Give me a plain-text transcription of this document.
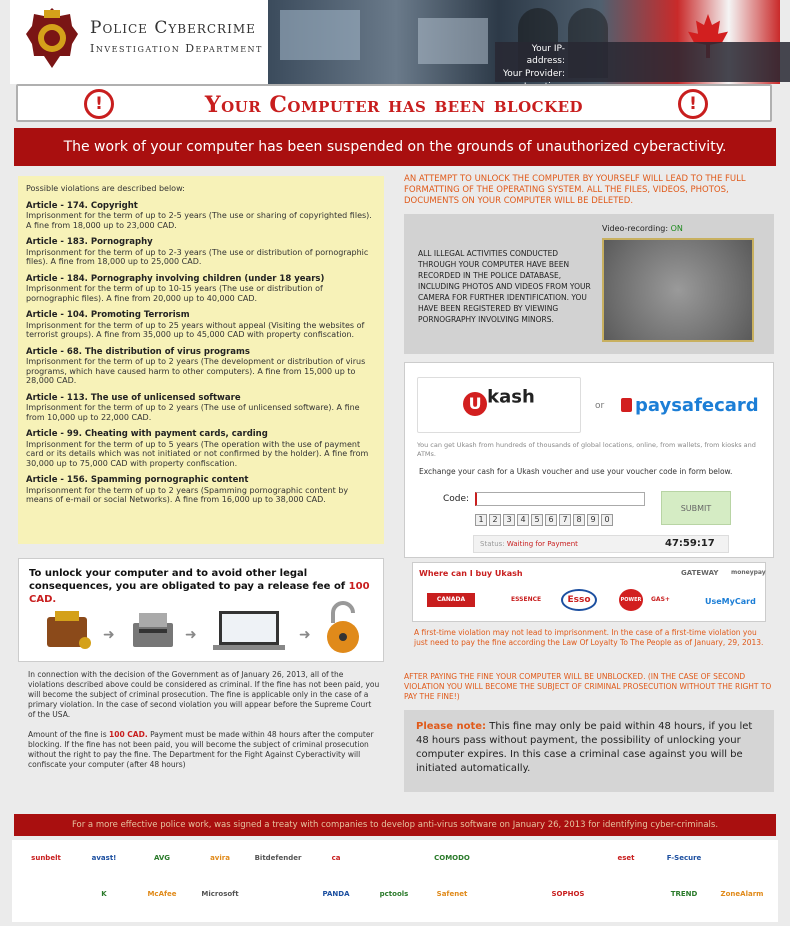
Police Cybercrime
Investigation Department	Your IP-address:
Your Provider:
!	Your Computer has been blocked	!
The work of your computer has been suspended on the grounds of unauthorized cyberactivity.
Possible violations are described below:
Article - 174. Copyright
Imprisonment for the term of up to 2-5 years (The use or sharing of copyrighted files). A fine from 18,000 up to 23,000 CAD.
Article - 183. Pornography
Imprisonment for the term of up to 2-3 years (The use or distribution of pornographic files). A fine from 18,000 up to 25,000 CAD.
Article - 184. Pornography involving children (under 18 years)
Imprisonment for the term of up to 10-15 years (The use or distribution of pornographic files). A fine from 20,000 up to 40,000 CAD.
Article - 104. Promoting Terrorism
Imprisonment for the term of up to 25 years without appeal (Visiting the websites of terrorist groups). A fine from 35,000 up to 45,000 CAD with property confiscation.
Article - 68. The distribution of virus programs
Imprisonment for the term of up to 2 years (The development or distribution of virus programs, which have caused harm to other computers). A fine from 15,000 up to 28,000 CAD.
Article - 113. The use of unlicensed software
Imprisonment for the term of up to 2 years (The use of unlicensed software). A fine from 10,000 up to 22,000 CAD.
Article - 99. Cheating with payment cards, carding
Imprisonment for the term of up to 5 years (The operation with the use of payment card or its details which was not initiated or not confirmed by the holder). A fine from 30,000 up to 75,000 CAD with property confiscation.
Article - 156. Spamming pornographic content
Imprisonment for the term of up to 2 years (Spamming pornographic content by means of e-mail or social Networks). A fine from 16,000 up to 38,000 CAD.
AN ATTEMPT TO UNLOCK THE COMPUTER BY YOURSELF WILL LEAD TO THE FULL FORMATTING OF THE OPERATING SYSTEM. ALL THE FILES, VIDEOS, PHOTOS, DOCUMENTS ON YOUR COMPUTER WILL BE DELETED.
ALL ILLEGAL ACTIVITIES CONDUCTED THROUGH YOUR COMPUTER HAVE BEEN RECORDED IN THE POLICE DATABASE, INCLUDING PHOTOS AND VIDEOS FROM YOUR CAMERA FOR FURTHER IDENTIFICATION. YOU HAVE BEEN REGISTERED BY VIEWING PORNOGRAPHY INVOLVING MINORS.
Video-recording: ON
U kash	or	paysafecard
You can get Ukash from hundreds of thousands of global locations, online, from wallets, from kiosks and ATMs.
Exchange your cash for a Ukash voucher and use your voucher code in form below.
Code:
1	2	3	4	5	6	7	8	9	0
SUBMIT
Status: Waiting for Payment	47:59:17
Where can I buy Ukash
CANADA POST
ESSENCE	Esso	POWER GAS+
GATEWAY moneypay
UseMyCard
A first-time violation may not lead to imprisonment. In the case of a first-time violation you just need to pay the fine according the Law Of Loyalty To The People as of January, 29, 2013.
To unlock your computer and to avoid other legal consequences, you are obligated to pay a release fee of 100 CAD.
➜	➜	➜

In connection with the decision of the Government as of January 26, 2013, all of the violations described above could be considered as criminal. If the fine has not been paid, you will become the subject of criminal prosecution. The fine is applicable only in the case of a primary violation. In the case of second violation you will appear before the Supreme Court of the USA.

Amount of the fine is 100 CAD. Payment must be made within 48 hours after the computer blocking. If the fine has not been paid, you will become the subject of criminal prosecution without the right to pay the fine. The Department for the Fight Against Cyberactivity will confiscate your computer (after 48 hours)

AFTER PAYING THE FINE YOUR COMPUTER WILL BE UNBLOCKED. (IN THE CASE OF SECOND VIOLATION YOU WILL BECOME THE SUBJECT OF CRIMINAL PROSECUTION WITHOUT THE RIGHT TO PAY THE FINE!)
Please note: This fine may only be paid within 48 hours, if you let 48 hours pass without payment, the possibility of unlocking your computer expires. In this case a criminal case against you will be initiated automatically.
For a more effective police work, was signed a treaty with companies to develop anti-virus software on January 26, 2013 for identifying cyber-criminals.
sunbelt	avast!	AVG	avira	Bitdefender	ca	COMODO	eset	F-Secure
K	McAfee	Microsoft	PANDA	pctools	Safenet	SOPHOS	TREND	ZoneAlarm
